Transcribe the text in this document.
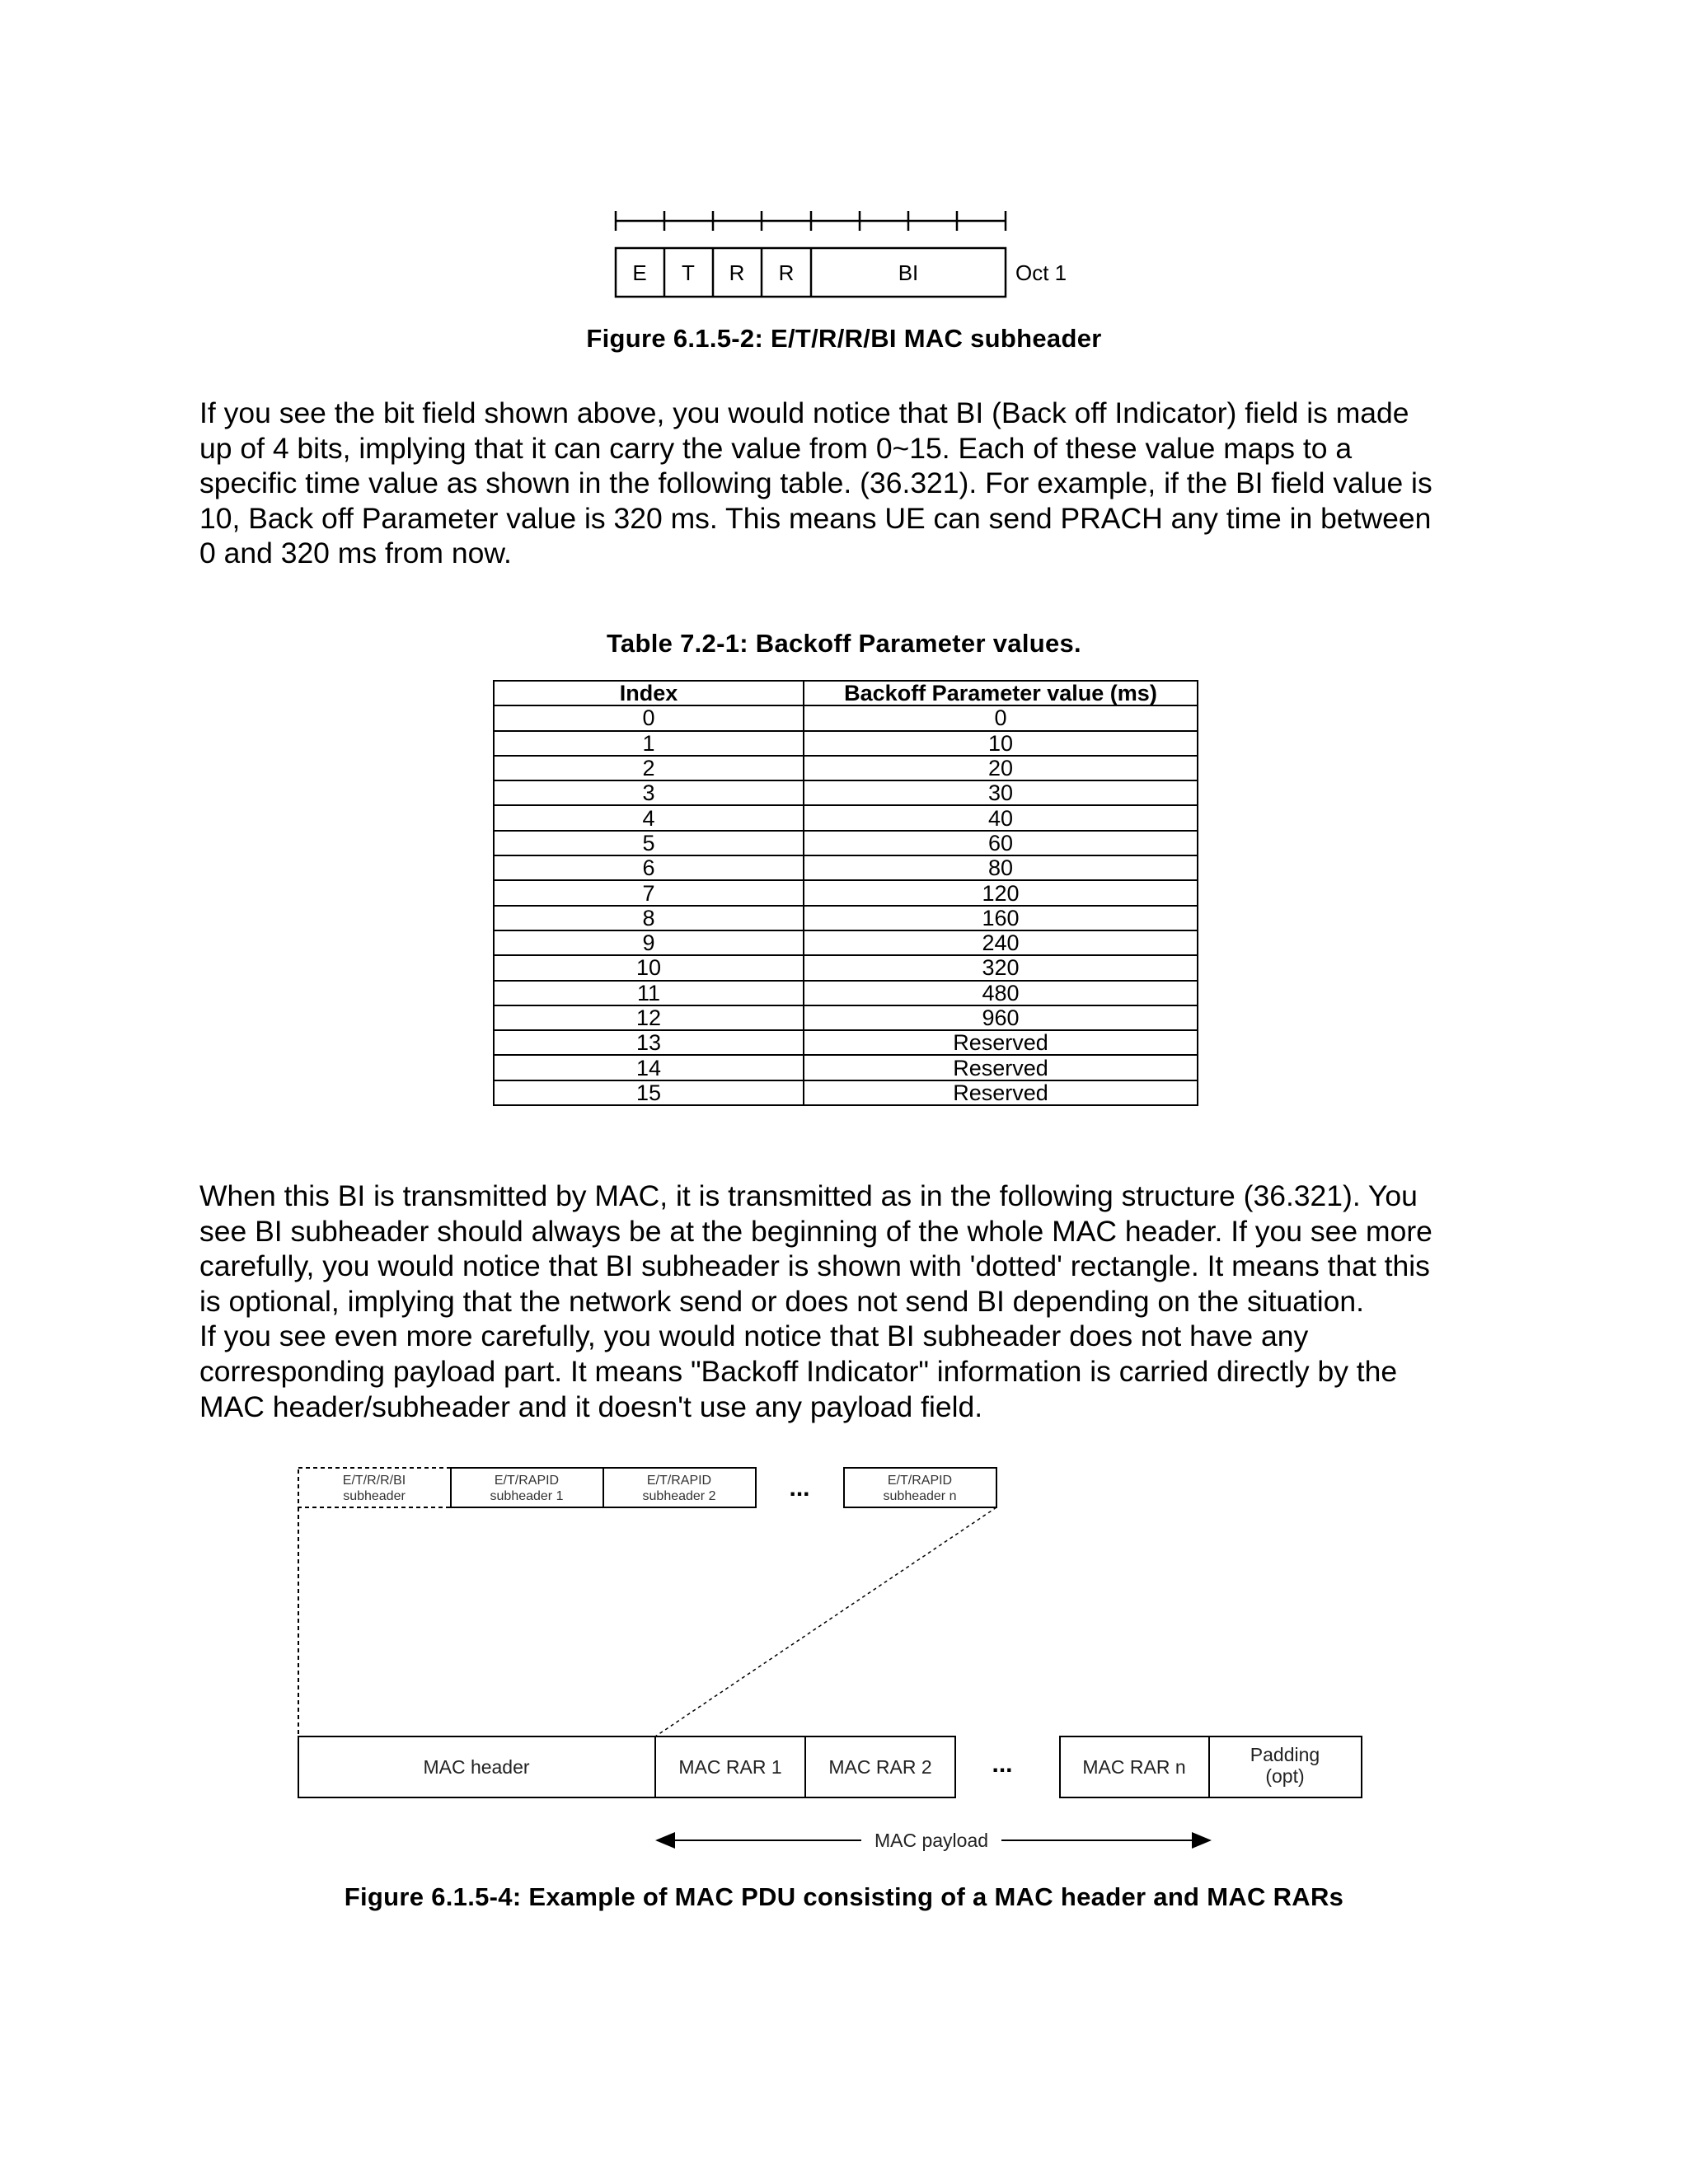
E T R R	BI	Oct 1
Figure 6.1.5-2: E/T/R/R/BI MAC subheader

If you see the bit field shown above, you would notice that BI (Back off Indicator) field is made

up of 4 bits, implying that it can carry the value from 0~15. Each of these value maps to a

specific time value as shown in the following table. (36.321). For example, if the BI field value is

10, Back off Parameter value is 320 ms. This means UE can send PRACH any time in between

0 and 320 ms from now.

Table 7.2-1: Backoff Parameter values.
Index	Backoff Parameter value (ms)
0	0
1	10
2	20
3	30
4	40
5	60
6	80
7	120
8	160
9	240
10	320
11	480
12	960
13	Reserved
14	Reserved
15	Reserved

When this BI is transmitted by MAC, it is transmitted as in the following structure (36.321). You

see BI subheader should always be at the beginning of the whole MAC header. If you see more

carefully, you would notice that BI subheader is shown with 'dotted' rectangle. It means that this

is optional, implying that the network send or does not send BI depending on the situation.

If you see even more carefully, you would notice that BI subheader does not have any

corresponding payload part. It means "Backoff Indicator" information is carried directly by the

MAC header/subheader and it doesn't use any payload field.

E/T/R/R/BI
subheader
E/T/RAPID
subheader 1
E/T/RAPID
subheader 2
E/T/RAPID
subheader n
...
MAC header	MAC RAR 1 MAC RAR 2 ...	MAC RAR n
Padding
(opt)
MAC payload
Figure 6.1.5-4: Example of MAC PDU consisting of a MAC header and MAC RARs
